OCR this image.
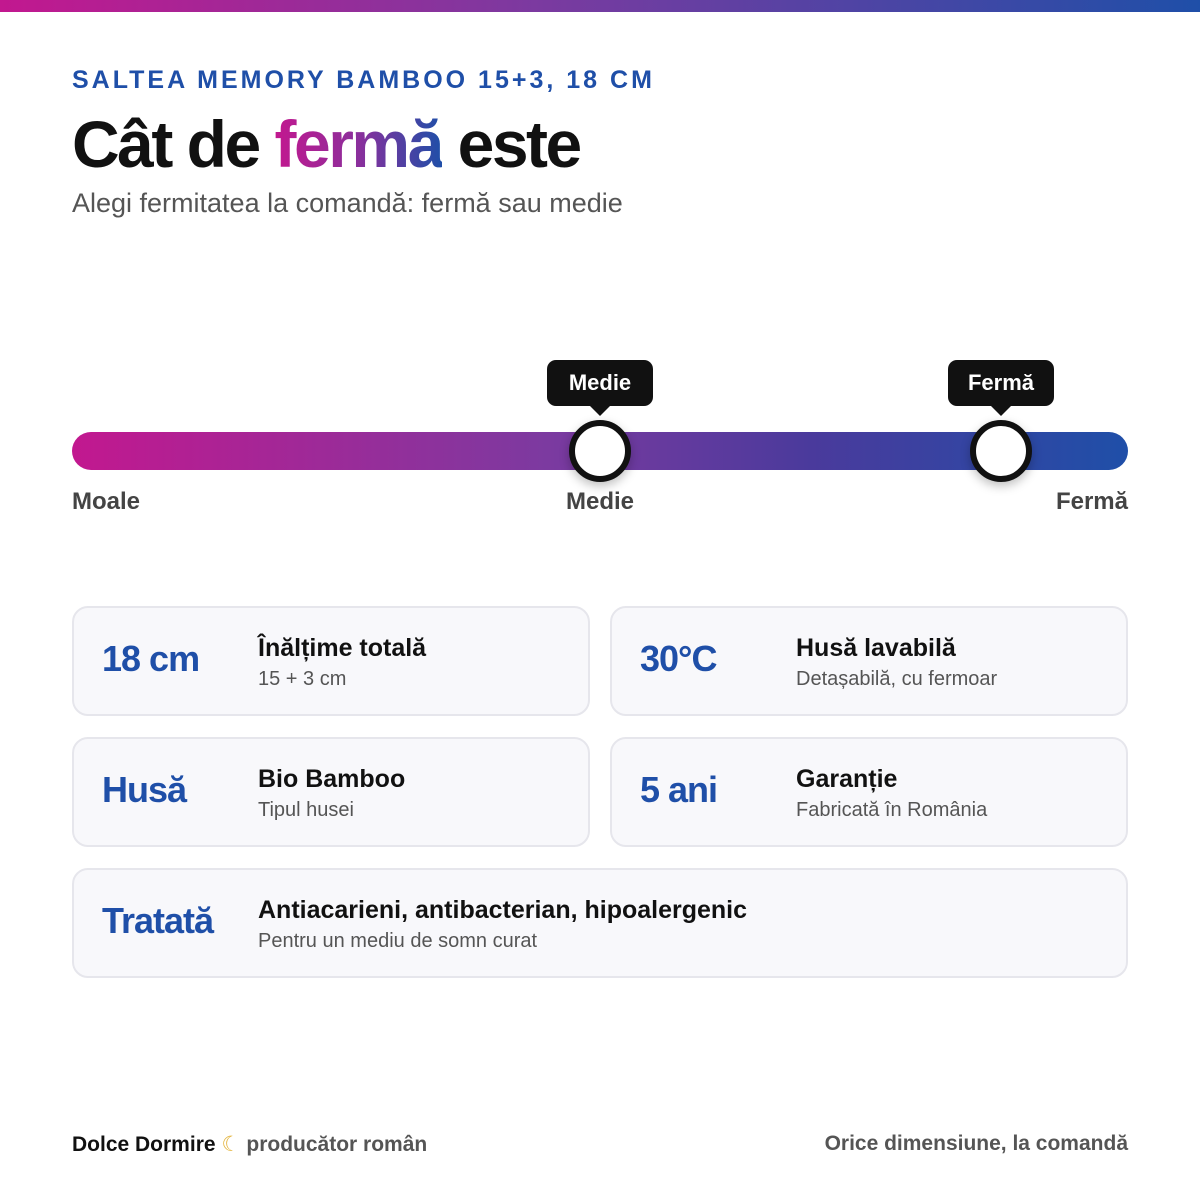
SALTEA MEMORY BAMBOO 15+3, 18 CM
Cât de fermă este
Alegi fermitatea la comandă: fermă sau medie
Medie	Fermă
Moale	Medie	Fermă
18 cm Înălțime totală
15 + 3 cm	30°C	Husă lavabilă
Detașabilă, cu fermoar
Husă	Bio Bamboo
Tipul husei	5 ani	Garanție
Fabricată în România
Tratată Antiacarieni, antibacterian, hipoalergenic
Pentru un mediu de somn curat
Dolce Dormire ☾ producător român	Orice dimensiune, la comandă
